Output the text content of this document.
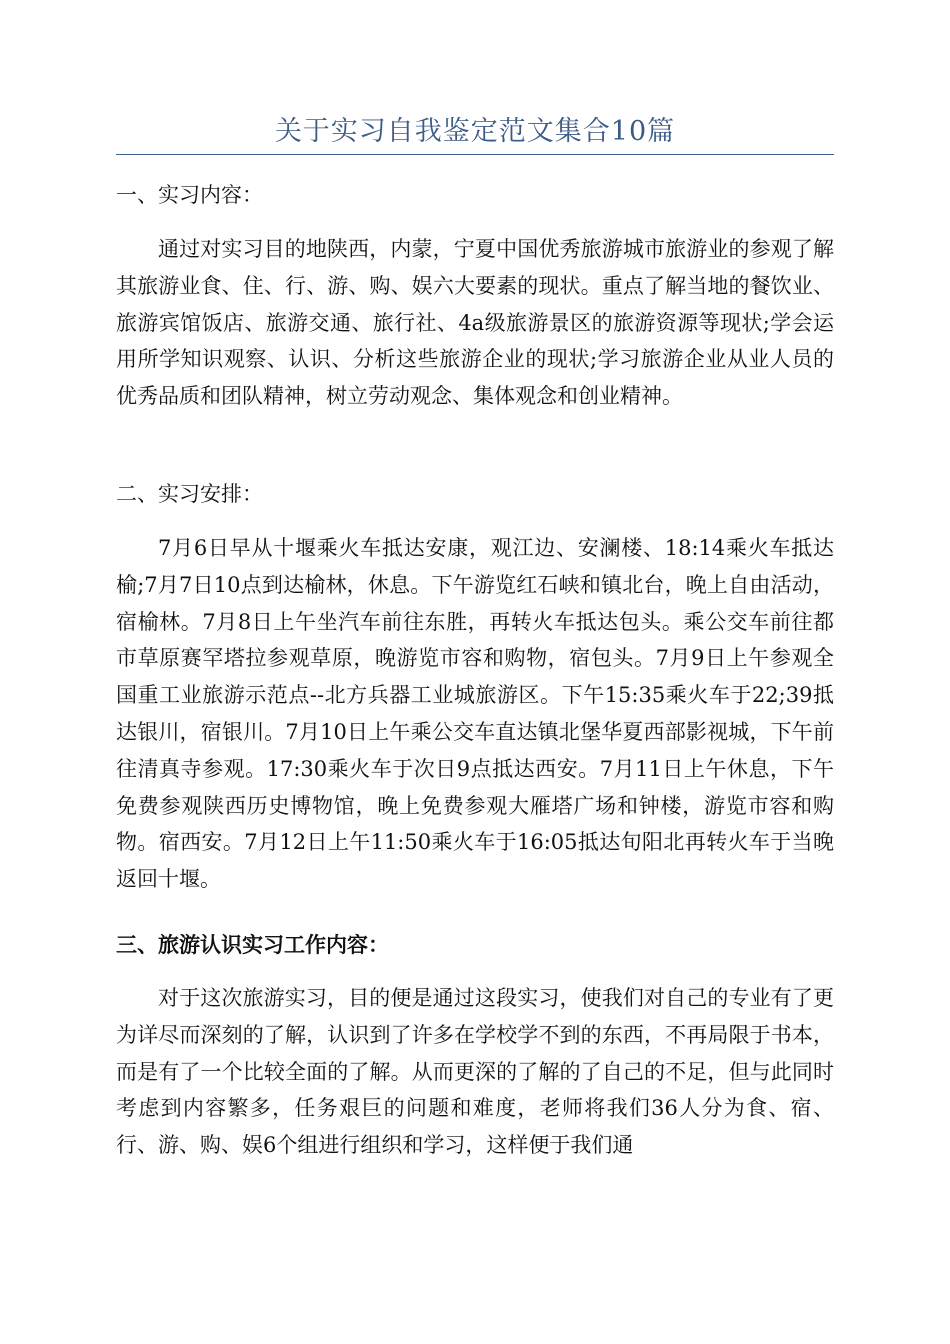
关于实习自我鉴定范文集合10篇
一、实习内容：

通过对实习目的地陕西，内蒙，宁夏中国优秀旅游城市旅游业的参观了解其旅游业食、住、行、游、购、娱六大要素的现状。重点了解当地的餐饮业、旅游宾馆饭店、旅游交通、旅行社、4a级旅游景区的旅游资源等现状;学会运用所学知识观察、认识、分析这些旅游企业的现状;学习旅游企业从业人员的优秀品质和团队精神，树立劳动观念、集体观念和创业精神。

二、实习安排：

7月6日早从十堰乘火车抵达安康，观江边、安澜楼、18:14乘火车抵达榆;7月7日10点到达榆林，休息。下午游览红石峡和镇北台，晚上自由活动，宿榆林。7月8日上午坐汽车前往东胜，再转火车抵达包头。乘公交车前往都市草原赛罕塔拉参观草原，晚游览市容和购物，宿包头。7月9日上午参观全国重工业旅游示范点--北方兵器工业城旅游区。下午15:35乘火车于22;39抵达银川，宿银川。7月10日上午乘公交车直达镇北堡华夏西部影视城，下午前往清真寺参观。17:30乘火车于次日9点抵达西安。7月11日上午休息，下午免费参观陕西历史博物馆，晚上免费参观大雁塔广场和钟楼，游览市容和购物。宿西安。7月12日上午11:50乘火车于16:05抵达旬阳北再转火车于当晚返回十堰。

三、旅游认识实习工作内容：

对于这次旅游实习，目的便是通过这段实习，使我们对自己的专业有了更为详尽而深刻的了解，认识到了许多在学校学不到的东西，不再局限于书本，而是有了一个比较全面的了解。从而更深的了解的了自己的不足，但与此同时考虑到内容繁多，任务艰巨的问题和难度，老师将我们36人分为食、宿、行、游、购、娱6个组进行组织和学习，这样便于我们通
